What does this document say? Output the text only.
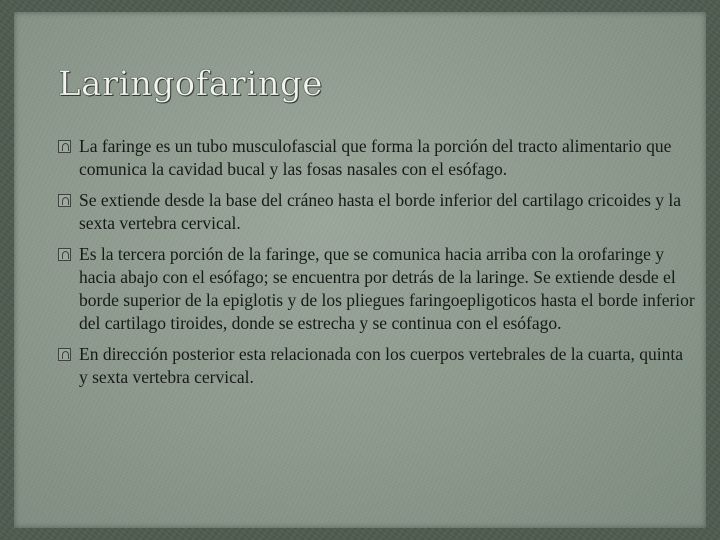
Laringofaringe
La faringe es un tubo musculofascial que forma la porción del tracto alimentario que comunica la cavidad bucal y las fosas nasales con el esófago.
Se extiende desde la base del cráneo hasta el borde inferior del cartilago cricoides y la sexta vertebra cervical.
Es la tercera porción de la faringe, que se comunica hacia arriba con la orofaringe y hacia abajo con el esófago; se encuentra por detrás de la laringe. Se extiende desde el borde superior de la epiglotis y de los pliegues faringoepligoticos hasta el borde inferior del cartilago tiroides, donde se estrecha y se continua con el esófago.
En dirección posterior esta relacionada con los cuerpos vertebrales de la cuarta, quinta y sexta vertebra cervical.
